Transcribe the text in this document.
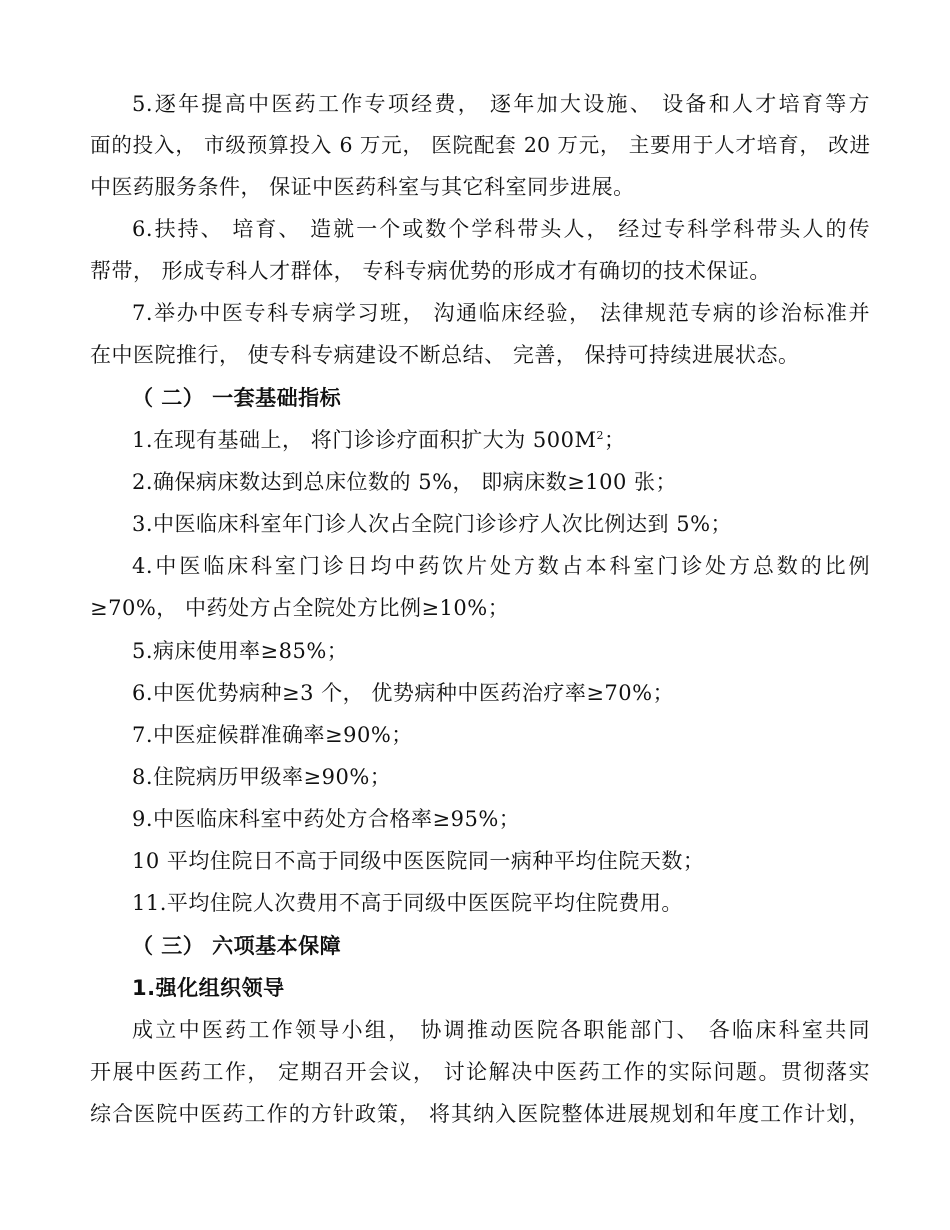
5.逐年提高中医药工作专项经费， 逐年加大设施、 设备和人才培育等方
面的投入， 市级预算投入 6 万元， 医院配套 20 万元， 主要用于人才培育， 改进
中医药服务条件， 保证中医药科室与其它科室同步进展。
6.扶持、 培育、 造就一个或数个学科带头人， 经过专科学科带头人的传
帮带， 形成专科人才群体， 专科专病优势的形成才有确切的技术保证。
7.举办中医专科专病学习班， 沟通临床经验， 法律规范专病的诊治标准并
在中医院推行， 使专科专病建设不断总结、 完善， 保持可持续进展状态。
（ 二） 一套基础指标
1.在现有基础上， 将门诊诊疗面积扩大为 $500M^2$；
2.确保病床数达到总床位数的 5%， 即病床数≥100 张；
3.中医临床科室年门诊人次占全院门诊诊疗人次比例达到 5%；
4.中医临床科室门诊日均中药饮片处方数占本科室门诊处方总数的比例
≥70%， 中药处方占全院处方比例≥10%；
5.病床使用率≥85%；
6.中医优势病种≥3 个， 优势病种中医药治疗率≥70%；
7.中医症候群准确率≥90%；
8.住院病历甲级率≥90%；
9.中医临床科室中药处方合格率≥95%；
10 平均住院日不高于同级中医医院同一病种平均住院天数；
11.平均住院人次费用不高于同级中医医院平均住院费用。
（ 三） 六项基本保障
1.强化组织领导
成立中医药工作领导小组， 协调推动医院各职能部门、 各临床科室共同
开展中医药工作， 定期召开会议， 讨论解决中医药工作的实际问题。贯彻落实
综合医院中医药工作的方针政策， 将其纳入医院整体进展规划和年度工作计划，
